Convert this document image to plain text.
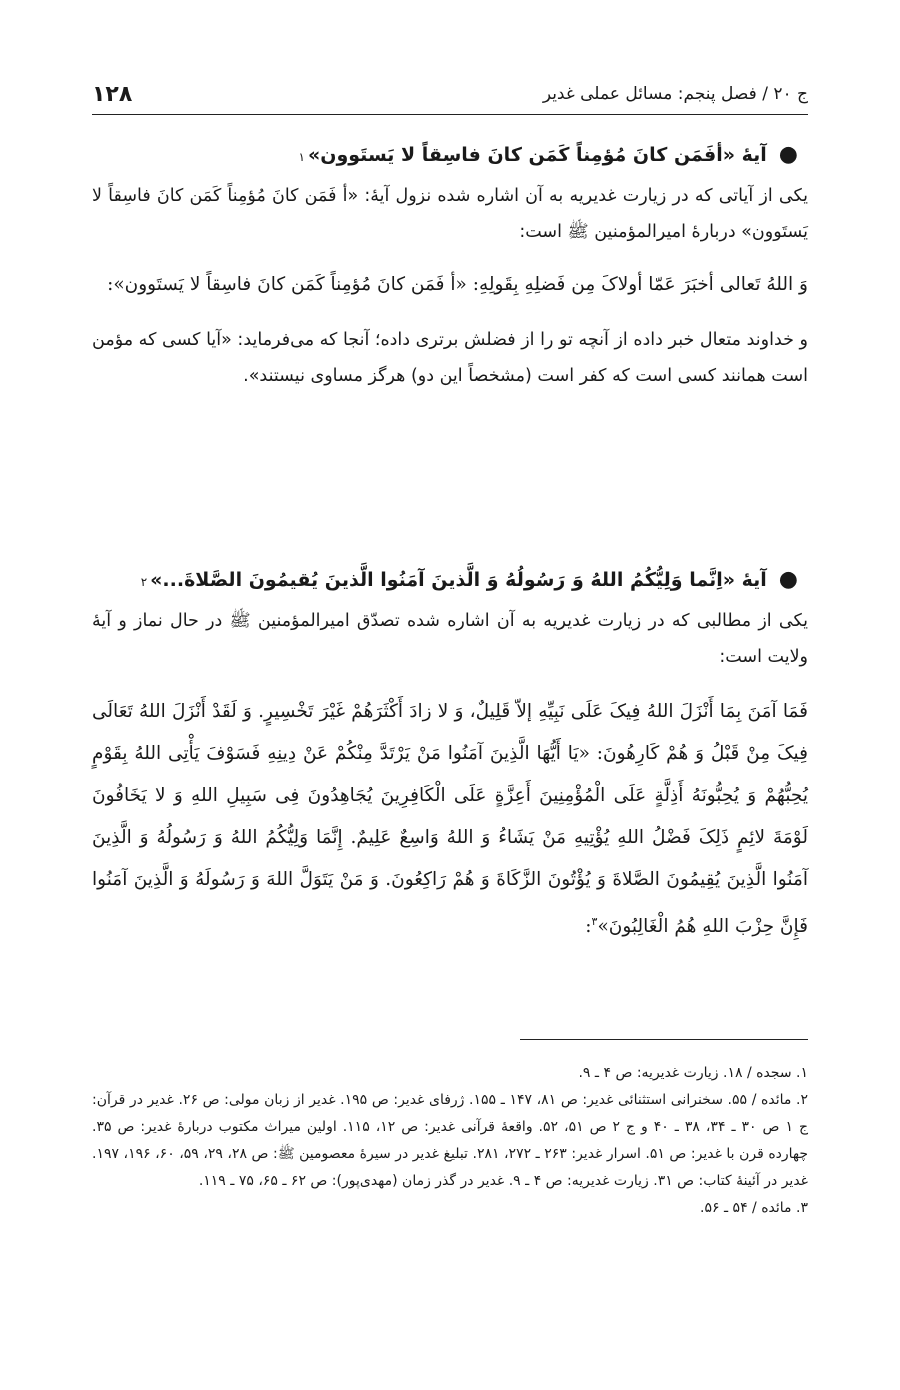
ج ۲۰ / فصل پنجم: مسائل عملی غدیر
۱۲۸
●
آیهٔ «أفَمَن کانَ مُؤمِناً کَمَن کانَ فاسِقاً لا یَستَوون»
۱

یکی از آیاتی که در زیارت غدیریه به آن اشاره شده نزول آیهٔ: «أ فَمَن کانَ مُؤمِناً کَمَن کانَ فاسِقاً لا یَستَوون» دربارهٔ امیرالمؤمنین ﷺ است:

وَ اللهُ تَعالی أخبَرَ عَمّا أولاکَ مِن فَضلِهِ بِقَولِهِ: «أ فَمَن کانَ مُؤمِناً کَمَن کانَ فاسِقاً لا یَستَوون»:

و خداوند متعال خبر داده از آنچه تو را از فضلش برتری داده؛ آنجا که می‌فرماید: «آیا کسی که مؤمن است همانند کسی است که کفر است (مشخصاً این دو) هرگز مساوی نیستند».

●
آیهٔ «اِنَّما وَلِیُّکُمُ اللهُ وَ رَسُولُهُ وَ الَّذینَ آمَنُوا الَّذینَ یُقیمُونَ الصَّلاةَ...»
۲

یکی از مطالبی که در زیارت غدیریه به آن اشاره شده تصدّق امیرالمؤمنین ﷺ در حال نماز و آیهٔ ولایت است:

فَمَا آمَنَ بِمَا أَنْزَلَ اللهُ فِیکَ عَلَى نَبِیِّهِ إلاّ قَلِیلٌ، وَ لا زادَ أَکْثَرَهُمْ غَیْرَ تَخْسِیرٍ. وَ لَقَدْ أَنْزَلَ اللهُ تَعَالَى فِیکَ مِنْ قَبْلُ وَ هُمْ کَارِهُونَ: «یَا أَیُّهَا الَّذِینَ آمَنُوا مَنْ یَرْتَدَّ مِنْکُمْ عَنْ دِینِهِ فَسَوْفَ یَأْتِی اللهُ بِقَوْمٍ یُحِبُّهُمْ وَ یُحِبُّونَهُ أَذِلَّةٍ عَلَى الْمُؤْمِنِینَ أَعِزَّةٍ عَلَى الْکَافِرِینَ یُجَاهِدُونَ فِی سَبِیلِ اللهِ وَ لا یَخَافُونَ لَوْمَةَ لائِمٍ ذَلِکَ فَضْلُ اللهِ یُؤْتِیهِ مَنْ یَشَاءُ وَ اللهُ وَاسِعٌ عَلِیمٌ. إِنَّمَا وَلِیُّکُمُ اللهُ وَ رَسُولُهُ وَ الَّذِینَ آمَنُوا الَّذِینَ یُقِیمُونَ الصَّلاةَ وَ یُؤْتُونَ الزَّکَاةَ وَ هُمْ رَاکِعُونَ. وَ مَنْ یَتَوَلَّ اللهَ وَ رَسُولَهُ وَ الَّذِینَ آمَنُوا فَإِنَّ حِزْبَ اللهِ هُمُ الْغَالِبُونَ»$^۳$:

۱. سجده / ۱۸. زیارت غدیریه: ص ۴ ـ ۹.

۲. مائده / ۵۵. سخنرانی استثنائی غدیر: ص ۸۱، ۱۴۷ ـ ۱۵۵. ژرفای غدیر: ص ۱۹۵. غدیر از زبان مولی: ص ۲۶. غدیر در قرآن: ج ۱ ص ۳۰ ـ ۳۴، ۳۸ ـ ۴۰ و ج ۲ ص ۵۱، ۵۲. واقعهٔ قرآنی غدیر: ص ۱۲، ۱۱۵. اولین میراث مکتوب دربارهٔ غدیر: ص ۳۵. چهارده قرن با غدیر: ص ۵۱. اسرار غدیر: ۲۶۳ ـ ۲۷۲، ۲۸۱. تبلیغ غدیر در سیرهٔ معصومین ﷺ: ص ۲۸، ۲۹، ۵۹، ۶۰، ۱۹۶، ۱۹۷. غدیر در آئینهٔ کتاب: ص ۳۱. زیارت غدیریه: ص ۴ ـ ۹. غدیر در گذر زمان (مهدی‌پور): ص ۶۲ ـ ۶۵، ۷۵ ـ ۱۱۹.

۳. مائده / ۵۴ ـ ۵۶.
